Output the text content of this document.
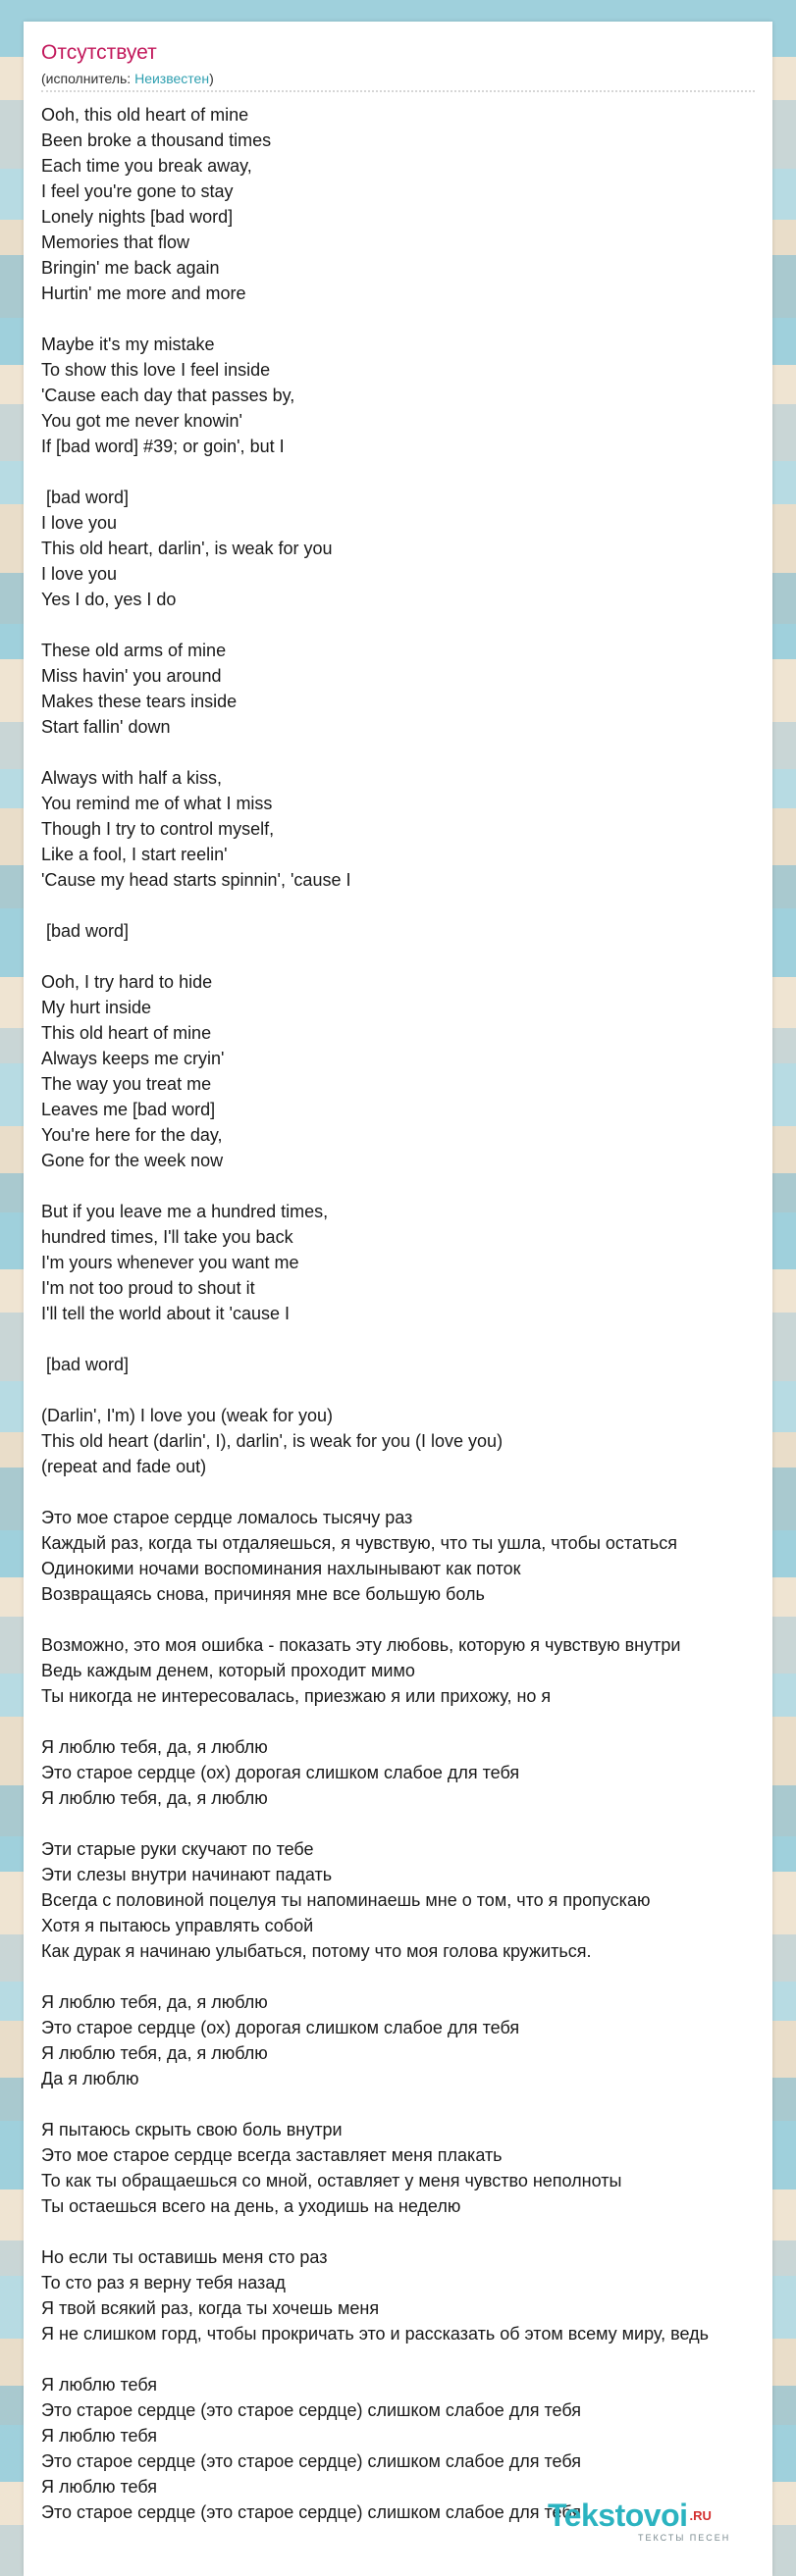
Отсутствует
(исполнитель: Неизвестен)
Ooh, this old heart of mine
Been broke a thousand times
Each time you break away,
I feel you're gone to stay
Lonely nights [bad word]
Memories that flow
Bringin' me back again
Hurtin' me more and more
Maybe it's my mistake
To show this love I feel inside
'Cause each day that passes by,
You got me never knowin'
If [bad word] #39; or goin', but I
[bad word]
I love you
This old heart, darlin', is weak for you
I love you
Yes I do, yes I do
These old arms of mine
Miss havin' you around
Makes these tears inside
Start fallin' down
Always with half a kiss,
You remind me of what I miss
Though I try to control myself,
Like a fool, I start reelin'
'Cause my head starts spinnin', 'cause I
[bad word]
Ooh, I try hard to hide
My hurt inside
This old heart of mine
Always keeps me cryin'
The way you treat me
Leaves me [bad word]
You're here for the day,
Gone for the week now
But if you leave me a hundred times,
hundred times, I'll take you back
I'm yours whenever you want me
I'm not too proud to shout it
I'll tell the world about it 'cause I
[bad word]
(Darlin', I'm) I love you (weak for you)
This old heart (darlin', I), darlin', is weak for you (I love you)
(repeat and fade out)
Это мое старое сердце ломалось тысячу раз
Каждый раз, когда ты отдаляешься, я чувствую, что ты ушла, чтобы остаться
Одинокими ночами воспоминания нахлынывают как поток
Возвращаясь снова, причиняя мне все большую боль
Возможно, это моя ошибка - показать эту любовь, которую я чувствую внутри
Ведь каждым денем, который проходит мимо
Ты никогда не интересовалась, приезжаю я или прихожу, но я
Я люблю тебя, да, я люблю
Это старое сердце (ох) дорогая слишком слабое для тебя
Я люблю тебя, да, я люблю
Эти старые руки скучают по тебе
Эти слезы внутри начинают падать
Всегда с половиной поцелуя ты напоминаешь мне о том, что я пропускаю
Хотя я пытаюсь управлять собой
Как дурак я начинаю улыбаться, потому что моя голова кружиться.
Я люблю тебя, да, я люблю
Это старое сердце (ох) дорогая слишком слабое для тебя
Я люблю тебя, да, я люблю
Да я люблю
Я пытаюсь скрыть свою боль внутри
Это мое старое сердце всегда заставляет меня плакать
То как ты обращаешься со мной, оставляет у меня чувство неполноты
Ты остаешься всего на день, а уходишь на неделю
Но если ты оставишь меня сто раз
То сто раз я верну тебя назад
Я твой всякий раз, когда ты хочешь меня
Я не слишком горд, чтобы прокричать это и рассказать об этом всему миру, ведь
Я люблю тебя
Это старое сердце (это старое сердце) слишком слабое для тебя
Я люблю тебя
Это старое сердце (это старое сердце) слишком слабое для тебя
Я люблю тебя
Это старое сердце (это старое сердце) слишком слабое для тебя
Tekstovoi $^{.RU}$
ТЕКСТЫ ПЕСЕН
